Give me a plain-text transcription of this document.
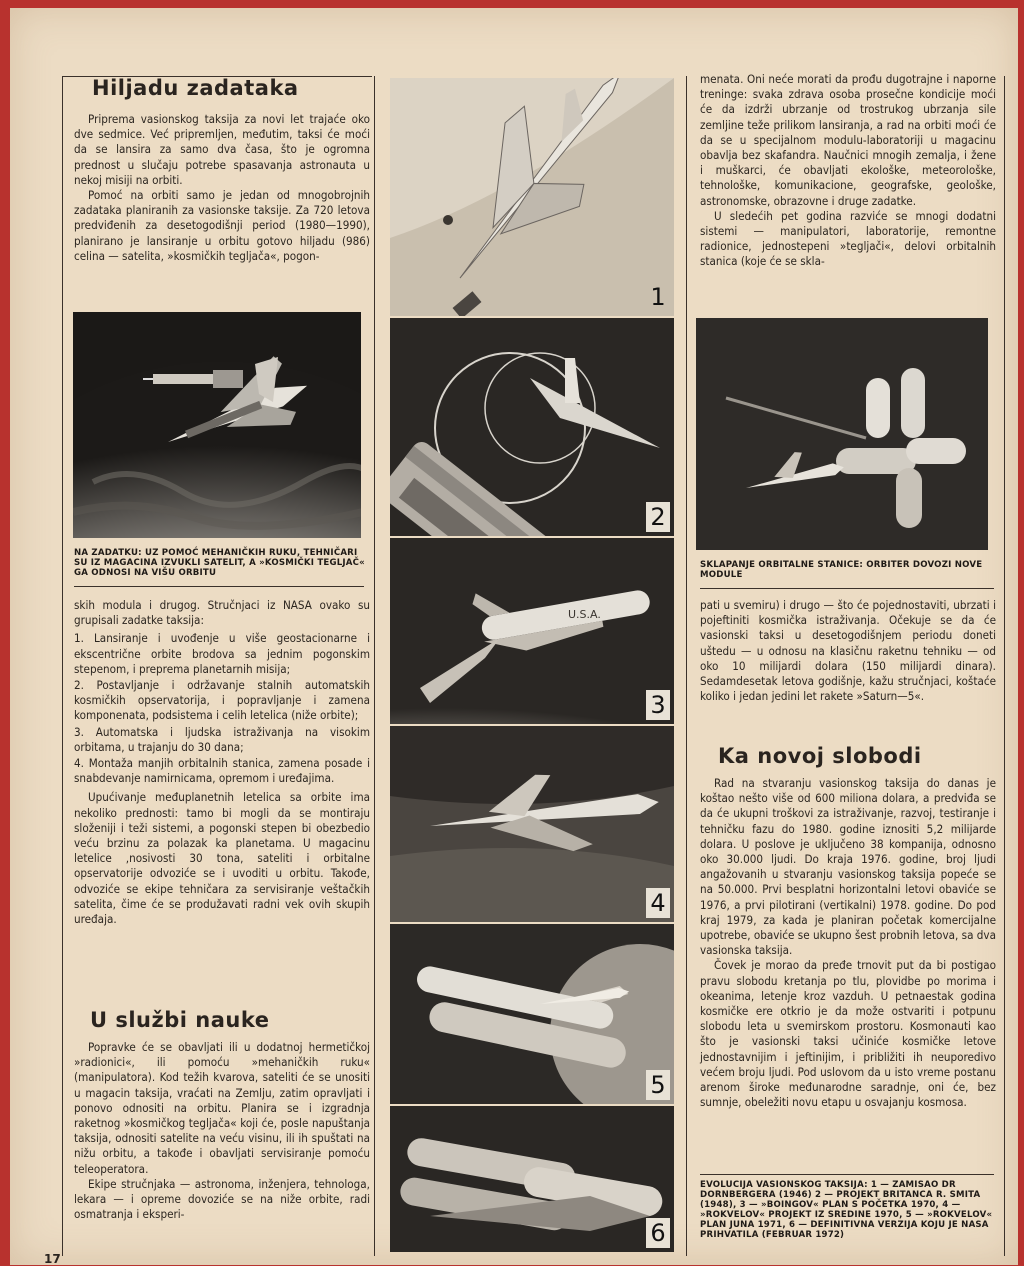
Hiljadu zadataka

Priprema vasionskog taksija za novi let trajaće oko dve sedmice. Već pripremljen, međutim, taksi će moći da se lansira za samo dva časa, što je ogromna prednost u slučaju potrebe spasavanja astronauta u nekoj misiji na orbiti.

Pomoć na orbiti samo je jedan od mnogobrojnih zadataka planiranih za vasionske taksije. Za 720 letova predviđenih za desetogodišnji period (1980—1990), planirano je lansiranje u orbitu gotovo hiljadu (986) celina — satelita, »kosmičkih tegljača«, pogon-

NA ZADATKU: UZ POMOĆ MEHANIČKIH RUKU, TEHNIČARI SU IZ MAGACINA IZVUKLI SATELIT, A »KOSMIČKI TEGLJAČ« GA ODNOSI NA VIŠU ORBITU

skih modula i drugog. Stručnjaci iz NASA ovako su grupisali zadatke taksija:

1. Lansiranje i uvođenje u više geostacionarne i ekscentrične orbite brodova sa jednim pogonskim stepenom, i preprema planetarnih misija;
2. Postavljanje i održavanje stalnih automatskih kosmičkih opservatorija, i popravljanje i zamena komponenata, podsistema i celih letelica (niže orbite);
3. Automatska i ljudska istraživanja na visokim orbitama, u trajanju do 30 dana;
4. Montaža manjih orbitalnih stanica, zamena posade i snabdevanje namirnicama, opremom i uređajima.

Upućivanje međuplanetnih letelica sa orbite ima nekoliko prednosti: tamo bi mogli da se montiraju složeniji i teži sistemi, a pogonski stepen bi obezbedio veću brzinu za polazak ka planetama. U magacinu letelice ,nosivosti 30 tona, sateliti i orbitalne opservatorije odvoziće se i uvoditi u orbitu. Takođe, odvoziće se ekipe tehničara za servisiranje veštačkih satelita, čime će se produžavati radni vek ovih skupih uređaja.

U službi nauke

Popravke će se obavljati ili u dodatnoj hermetičkoj »radionici«, ili pomoću »mehaničkih ruku« (manipulatora). Kod težih kvarova, sateliti će se unositi u magacin taksija, vraćati na Zemlju, zatim opravljati i ponovo odnositi na orbitu. Planira se i izgradnja raketnog »kosmičkog tegljača« koji će, posle napuštanja taksija, odnositi satelite na veću visinu, ili ih spuštati na nižu orbitu, a takođe i obavljati servisiranje pomoću teleoperatora.

Ekipe stručnjaka — astronoma, inženjera, tehnologa, lekara — i opreme dovoziće se na niže orbite, radi osmatranja i eksperi-

17
1
2
U.S.A.
3
4
5
6

menata. Oni neće morati da prođu dugotrajne i naporne treninge: svaka zdrava osoba prosečne kondicije moći će da izdrži ubrzanje od trostrukog ubrzanja sile zemljine teže prilikom lansiranja, a rad na orbiti moći će da se u specijalnom modulu-laboratoriji u magacinu obavlja bez skafandra. Naučnici mnogih zemalja, i žene i muškarci, će obavljati ekološke, meteorološke, tehnološke, komunikacione, geografske, geološke, astronomske, obrazovne i druge zadatke.

U sledećih pet godina razviće se mnogi dodatni sistemi — manipulatori, laboratorije, remontne radionice, jednostepeni »tegljači«, delovi orbitalnih stanica (koje će se skla-

SKLAPANJE ORBITALNE STANICE: ORBITER DOVOZI NOVE MODULE

pati u svemiru) i drugo — što će pojednostaviti, ubrzati i pojeftiniti kosmička istraživanja. Očekuje se da će vasionski taksi u desetogodišnjem periodu doneti uštedu — u odnosu na klasičnu raketnu tehniku — od oko 10 milijardi dolara (150 milijardi dinara). Sedamdesetak letova godišnje, kažu stručnjaci, koštaće koliko i jedan jedini let rakete »Saturn—5«.

Ka novoj slobodi

Rad na stvaranju vasionskog taksija do danas je koštao nešto više od 600 miliona dolara, a predviđa se da će ukupni troškovi za istraživanje, razvoj, testiranje i tehničku fazu do 1980. godine iznositi 5,2 milijarde dolara. U poslove je uključeno 38 kompanija, odnosno oko 30.000 ljudi. Do kraja 1976. godine, broj ljudi angažovanih u stvaranju vasionskog taksija popeće se na 50.000. Prvi besplatni horizontalni letovi obaviće se 1976, a prvi pilotirani (vertikalni) 1978. godine. Do pod kraj 1979, za kada je planiran početak komercijalne upotrebe, obaviće se ukupno šest probnih letova, sa dva vasionska taksija.

Čovek je morao da pređe trnovit put da bi postigao pravu slobodu kretanja po tlu, plovidbe po morima i okeanima, letenje kroz vazduh. U petnaestak godina kosmičke ere otkrio je da može ostvariti i potpunu slobodu leta u svemirskom prostoru. Kosmonauti kao što je vasionski taksi učiniće kosmičke letove jednostavnijim i jeftinijim, i približiti ih neuporedivo većem broju ljudi. Pod uslovom da u isto vreme postanu arenom široke međunarodne saradnje, oni će, bez sumnje, obeležiti novu etapu u osvajanju kosmosa.

EVOLUCIJA VASIONSKOG TAKSIJA: 1 — ZAMISAO DR DORNBERGERA (1946) 2 — PROJEKT BRITANCA R. SMITA (1948), 3 — »BOINGOV« PLAN S POČETKA 1970, 4 — »ROKVELOV« PROJEKT IZ SREDINE 1970, 5 — »ROKVELOV« PLAN JUNA 1971, 6 — DEFINITIVNA VERZIJA KOJU JE NASA PRIHVATILA (FEBRUAR 1972)
